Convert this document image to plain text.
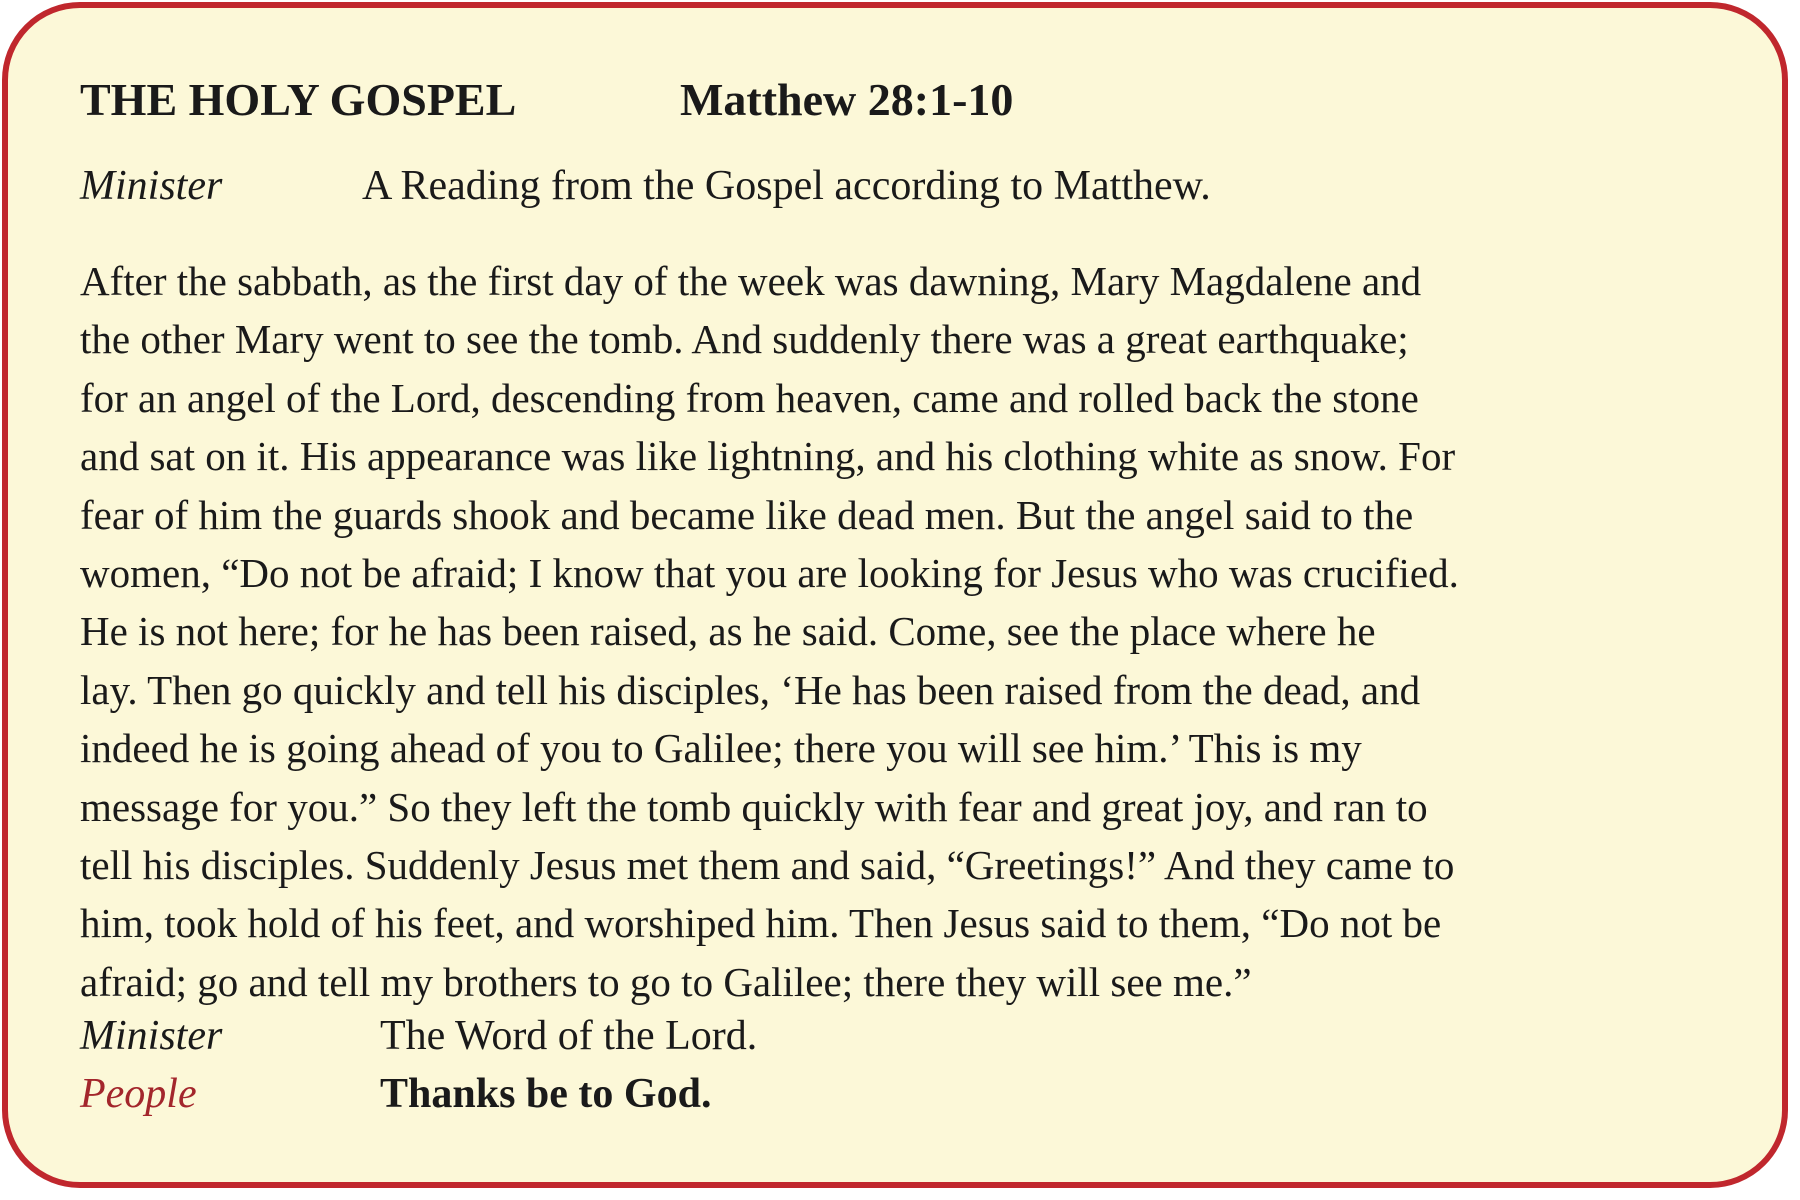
THE HOLY GOSPEL	Matthew 28:1-10
Minister	A Reading from the Gospel according to Matthew.
After the sabbath, as the first day of the week was dawning, Mary Magdalene and
the other Mary went to see the tomb. And suddenly there was a great earthquake;
for an angel of the Lord, descending from heaven, came and rolled back the stone
and sat on it. His appearance was like lightning, and his clothing white as snow. For
fear of him the guards shook and became like dead men. But the angel said to the
women, “Do not be afraid; I know that you are looking for Jesus who was crucified.
He is not here; for he has been raised, as he said. Come, see the place where he
lay. Then go quickly and tell his disciples, ‘He has been raised from the dead, and
indeed he is going ahead of you to Galilee; there you will see him.’ This is my
message for you.” So they left the tomb quickly with fear and great joy, and ran to
tell his disciples. Suddenly Jesus met them and said, “Greetings!” And they came to
him, took hold of his feet, and worshiped him. Then Jesus said to them, “Do not be
afraid; go and tell my brothers to go to Galilee; there they will see me.”
Minister	The Word of the Lord.
People	Thanks be to God.
